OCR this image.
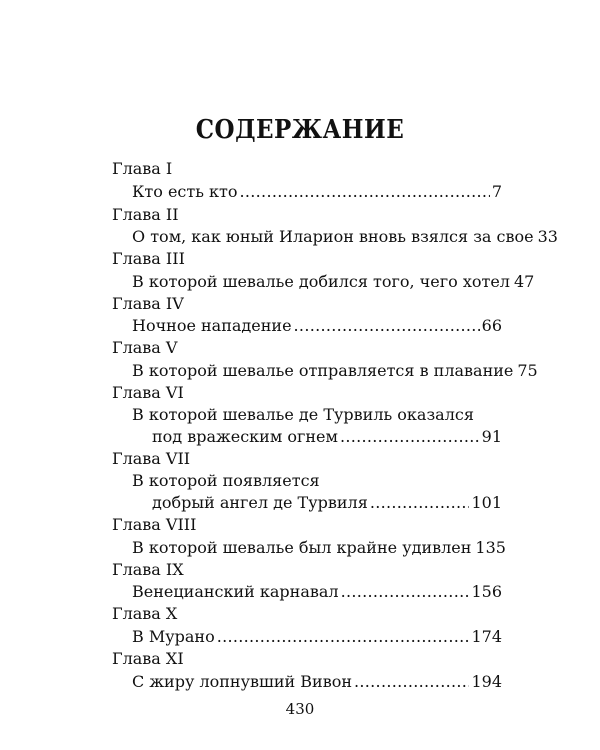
СОДЕРЖАНИЕ
Глава I
Кто есть кто .....	7
Глава II
О том, как юный Иларион вновь взялся за свое 33
Глава III
В которой шевалье добился того, чего хотел 47
Глава IV
Ночное нападение .....	66
Глава V
В которой шевалье отправляется в плавание 75
Глава VI
В которой шевалье де Турвиль оказался
под вражеским огнем .....	91
Глава VII
В которой появляется
добрый ангел де Турвиля .....	101
Глава VIII
В которой шевалье был крайне удивлен 135
Глава IX
Венецианский карнавал .....	156
Глава X
В Мурано .....	174
Глава XI
С жиру лопнувший Вивон .....	194
430
